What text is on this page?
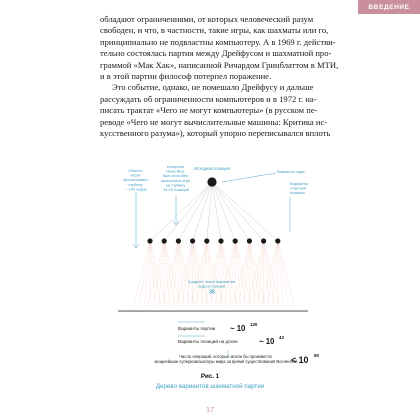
ВВЕДЕНИЕ
обладают ограничениями, от которых человеческий разум
свободен, и что, в частности, такие игры, как шахматы или го,
принципиально не подвластны компьютеру. А в 1969 г. действи-
тельно состоялась партия между Дрейфусом и шахматной про-
граммой «Мак Хак», написанной Ричардом Гринблаттом в МТИ,
и в этой партии философ потерпел поражение.
Это событие, однако, не помешало Дрейфусу и дальше
рассуждать об ограниченности компьютеров и в 1972 г. на-
писать трактат «Чего не могут компьютеры» (в русском пе-
реводе «Чего не могут вычислительные машины: Критика ис-
кусственного разума»), который упорно переписывался вплоть
Исходная позиция
Обычно игрок просчитывает глубину ~ 100 ходов
Алгоритм Deep Blue был способен просчитать игру на глубину 14-15 позиций
Варианты хода
Варианты ответной позиции
Среднее число вариантов хода в позиции 35
Варианты партии ~ 10 120
Варианты позиций на доске	~ 10 43
Число операций, которые могли бы произвести мощнейшие суперкомпьютеры мира за время существования Вселенной
< 10 90
Рис. 1
Дерево вариантов шахматной партии
17
